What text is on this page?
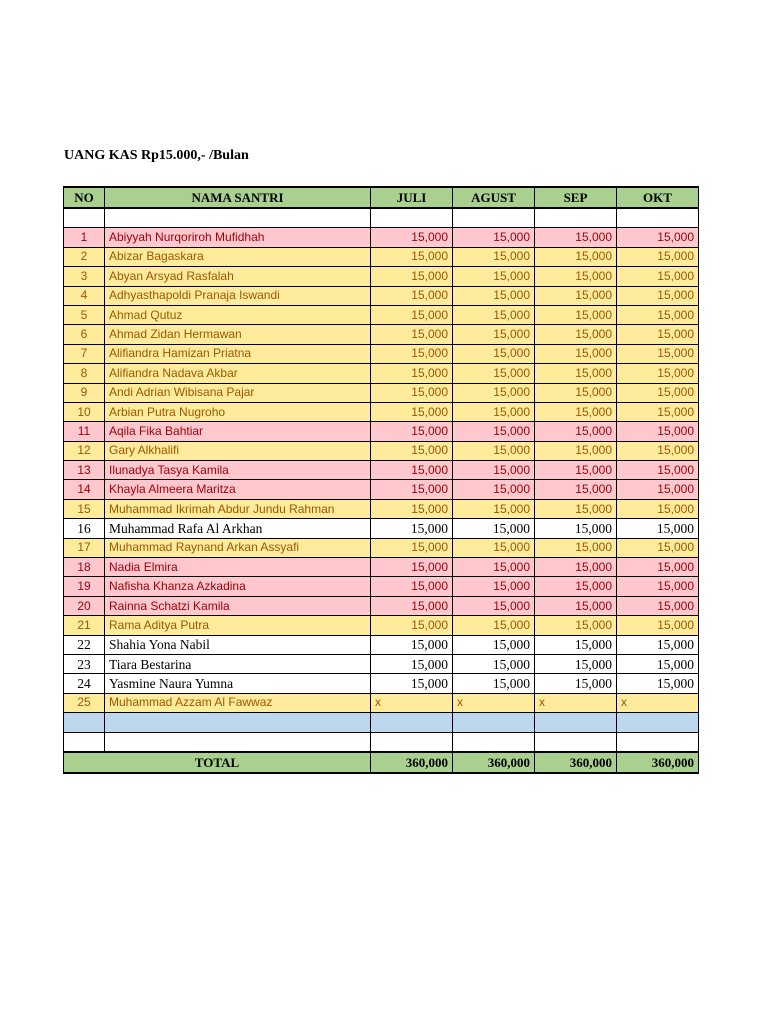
UANG KAS Rp15.000,- /Bulan
NO	NAMA SANTRI	JULI	AGUST	SEP	OKT

1	Abiyyah Nurqoriroh Mufidhah	15,000	15,000	15,000	15,000
2	Abizar Bagaskara	15,000	15,000	15,000	15,000
3	Abyan Arsyad Rasfalah	15,000	15,000	15,000	15,000
4	Adhyasthapoldi Pranaja Iswandi	15,000	15,000	15,000	15,000
5	Ahmad Qutuz	15,000	15,000	15,000	15,000
6	Ahmad Zidan Hermawan	15,000	15,000	15,000	15,000
7	Alifiandra Hamizan Priatna	15,000	15,000	15,000	15,000
8	Alifiandra Nadava Akbar	15,000	15,000	15,000	15,000
9	Andi Adrian Wibisana Pajar	15,000	15,000	15,000	15,000
10	Arbian Putra Nugroho	15,000	15,000	15,000	15,000
11	Aqila Fika Bahtiar	15,000	15,000	15,000	15,000
12	Gary Alkhalifi	15,000	15,000	15,000	15,000
13	Ilunadya Tasya Kamila	15,000	15,000	15,000	15,000
14	Khayla Almeera Maritza	15,000	15,000	15,000	15,000
15	Muhammad Ikrimah Abdur Jundu Rahman	15,000	15,000	15,000	15,000
16	Muhammad Rafa Al Arkhan	15,000	15,000	15,000	15,000
17	Muhammad Raynand Arkan Assyafi	15,000	15,000	15,000	15,000
18	Nadia Elmira	15,000	15,000	15,000	15,000
19	Nafisha Khanza Azkadina	15,000	15,000	15,000	15,000
20	Rainna Schatzi Kamila	15,000	15,000	15,000	15,000
21	Rama Aditya Putra	15,000	15,000	15,000	15,000
22	Shahia Yona Nabil	15,000	15,000	15,000	15,000
23	Tiara Bestarina	15,000	15,000	15,000	15,000
24	Yasmine Naura Yumna	15,000	15,000	15,000	15,000
25	Muhammad Azzam Al Fawwaz	x	x	x	x

TOTAL		360,000	360,000	360,000	360,000
